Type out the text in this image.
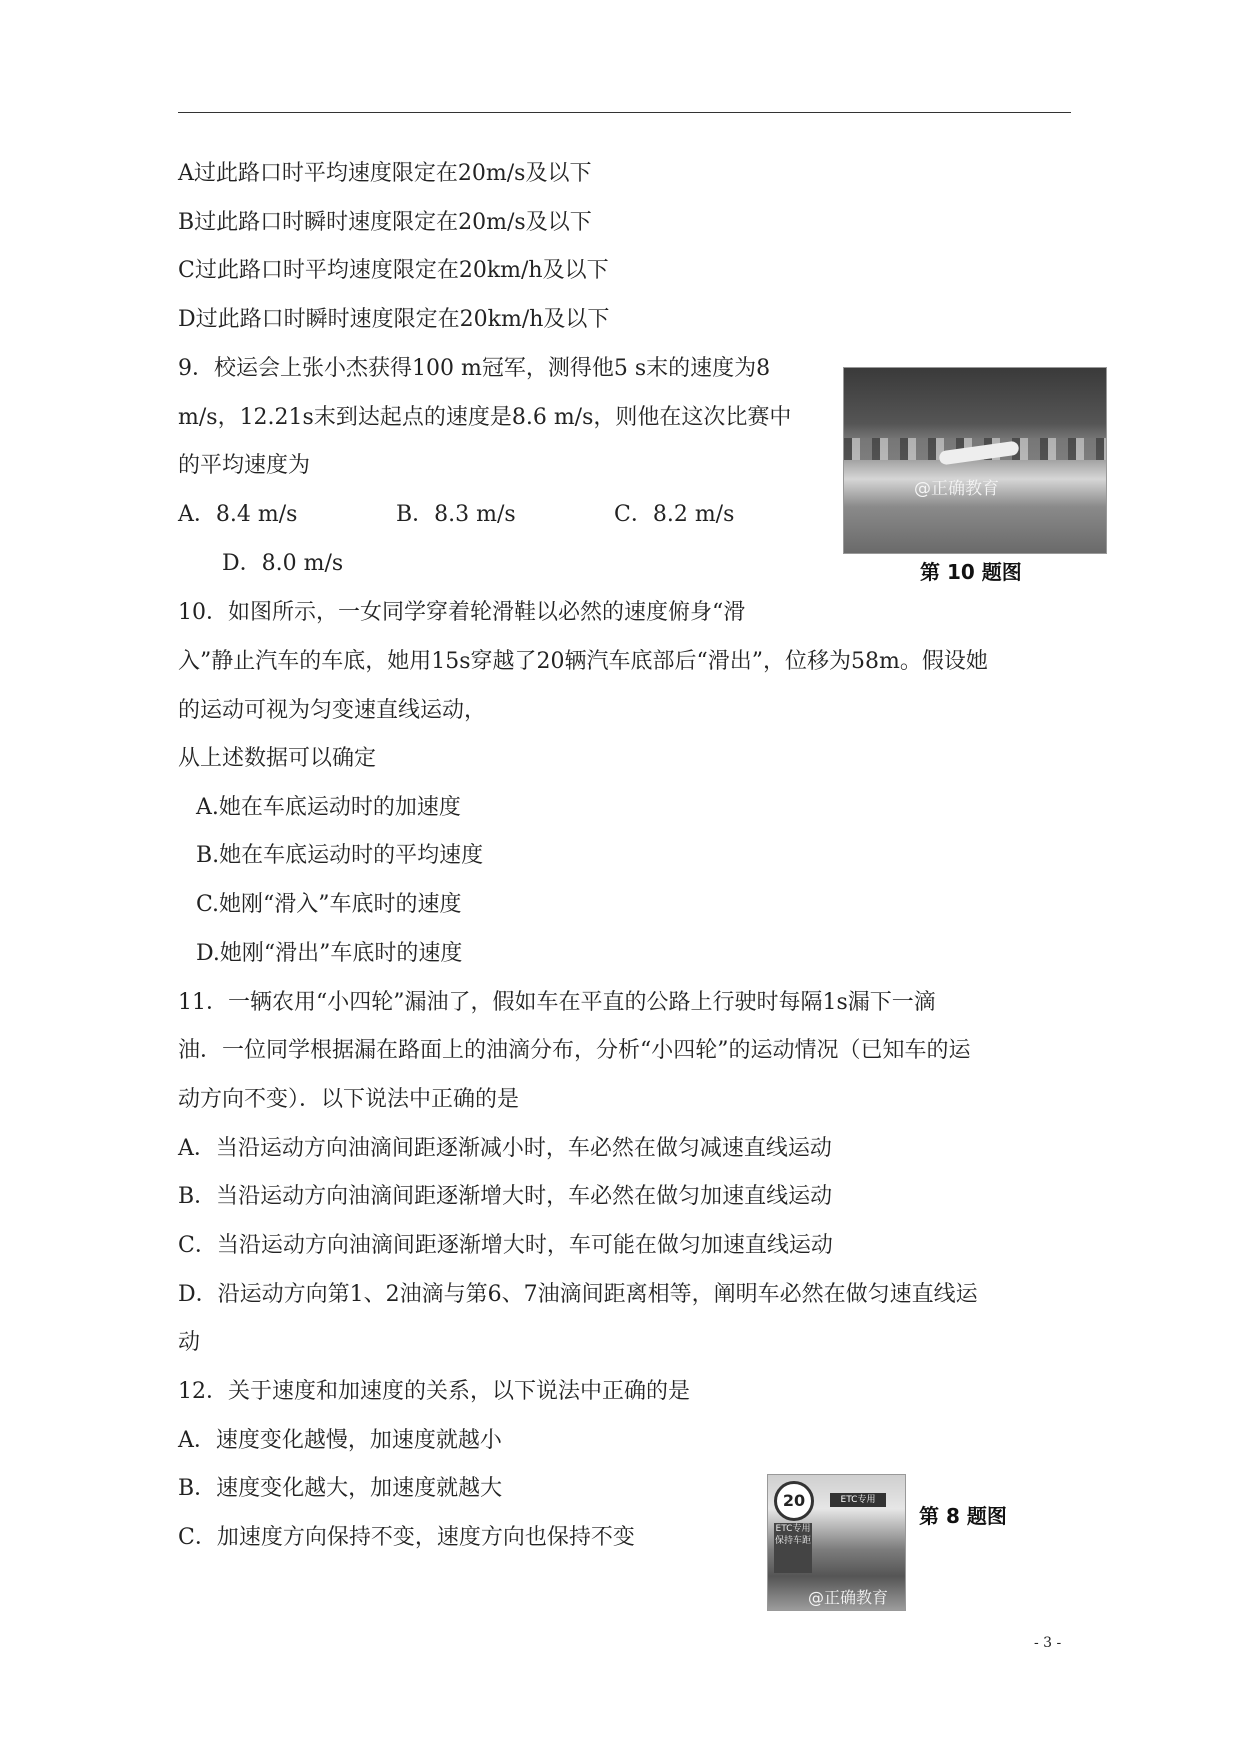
A过此路口时平均速度限定在20m/s及以下
B过此路口时瞬时速度限定在20m/s及以下
C过此路口时平均速度限定在20km/h及以下
D过此路口时瞬时速度限定在20km/h及以下
9．校运会上张小杰获得100 m冠军，测得他5 s末的速度为8
m/s，12.21s末到达起点的速度是8.6 m/s，则他在这次比赛中
的平均速度为
A．8.4 m/s	B．8.3 m/s	C．8.2 m/s
D．8.0 m/s
@正确教育
第 10 题图
10．如图所示，一女同学穿着轮滑鞋以必然的速度俯身“滑
入”静止汽车的车底，她用15s穿越了20辆汽车底部后“滑出”，位移为58m。假设她
的运动可视为匀变速直线运动，
从上述数据可以确定
A.她在车底运动时的加速度
B.她在车底运动时的平均速度
C.她刚“滑入”车底时的速度
D.她刚“滑出”车底时的速度
11．一辆农用“小四轮”漏油了，假如车在平直的公路上行驶时每隔1s漏下一滴
油．一位同学根据漏在路面上的油滴分布，分析“小四轮”的运动情况（已知车的运
动方向不变）．以下说法中正确的是
A．当沿运动方向油滴间距逐渐减小时，车必然在做匀减速直线运动
B．当沿运动方向油滴间距逐渐增大时，车必然在做匀加速直线运动
C．当沿运动方向油滴间距逐渐增大时，车可能在做匀加速直线运动
D．沿运动方向第1、2油滴与第6、7油滴间距离相等，阐明车必然在做匀速直线运
动
12．关于速度和加速度的关系，以下说法中正确的是
A．速度变化越慢，加速度就越小
B．速度变化越大，加速度就越大
C．加速度方向保持不变，速度方向也保持不变
20
ETC专用 保持车距
ETC专用
@正确教育
第 8 题图
- 3 -
